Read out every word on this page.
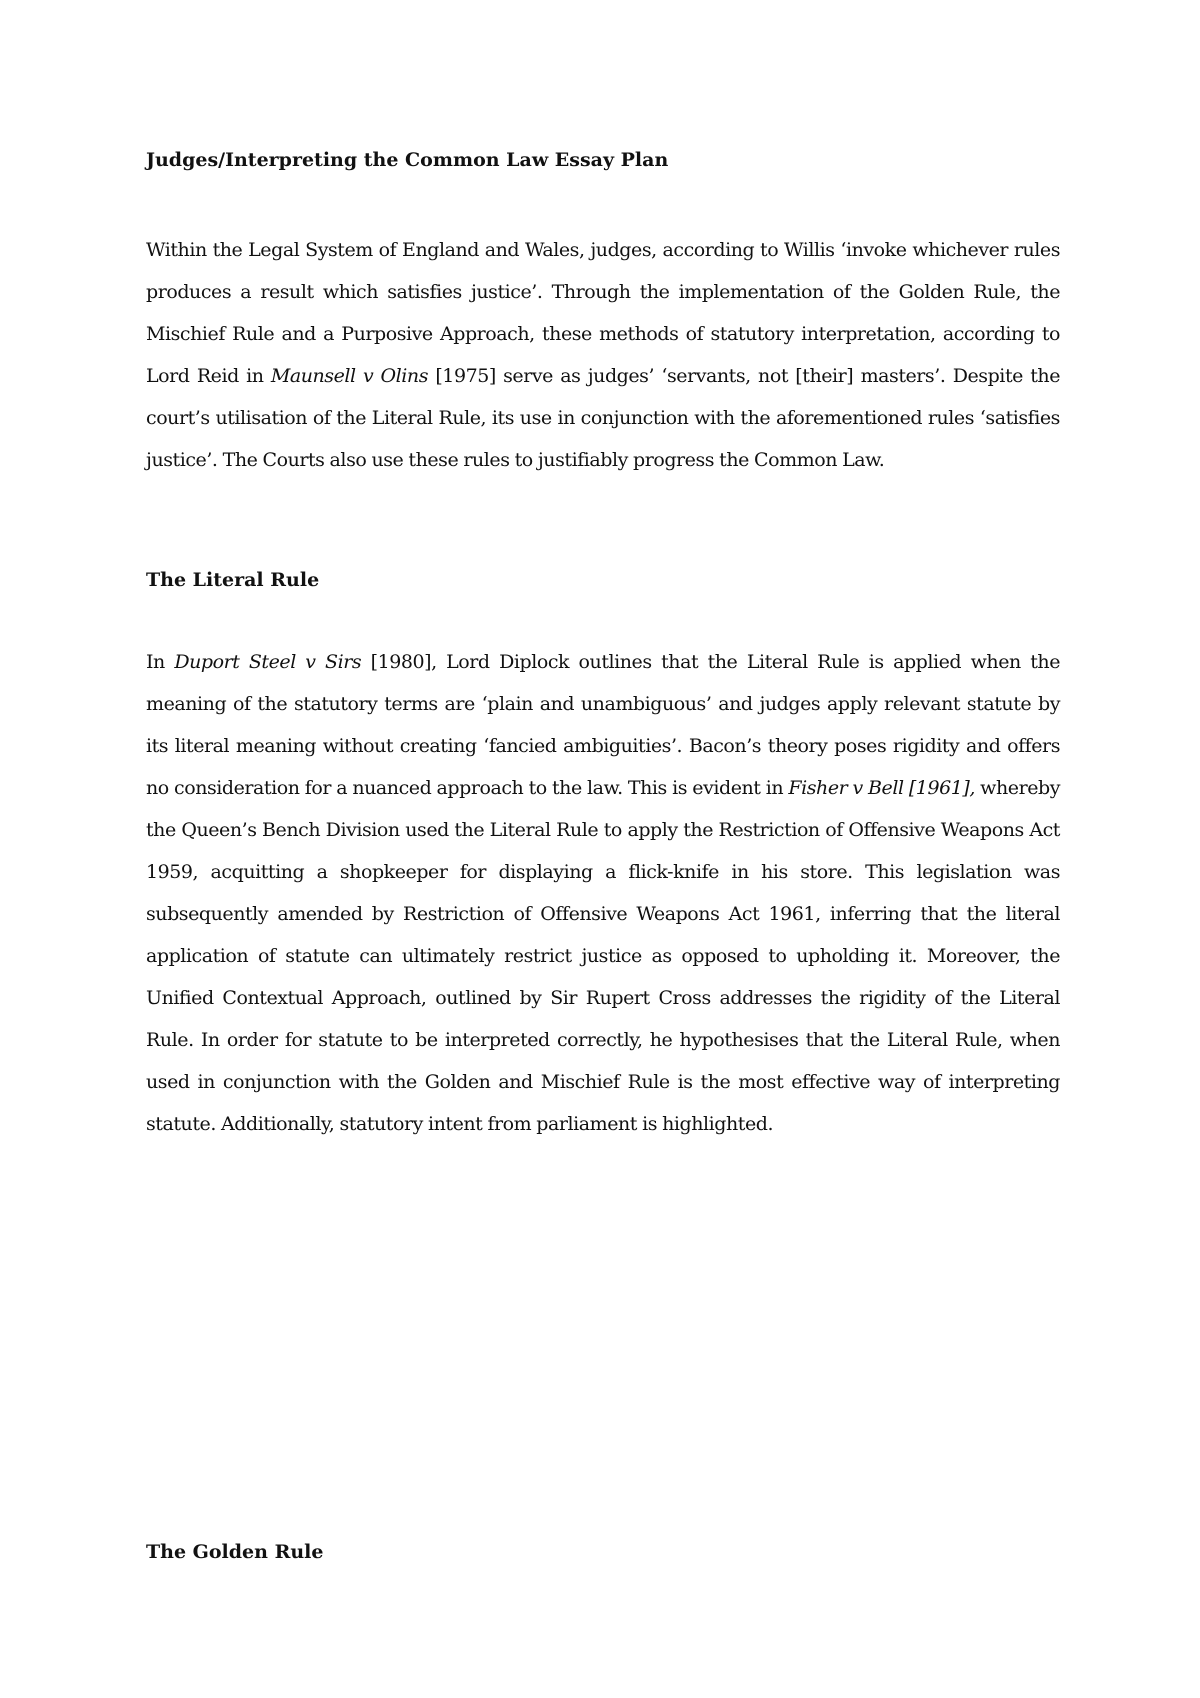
Judges/Interpreting the Common Law Essay Plan

Within the Legal System of England and Wales, judges, according to Willis ‘invoke whichever rules produces a result which satisfies justice’. Through the implementation of the Golden Rule, the Mischief Rule and a Purposive Approach, these methods of statutory interpretation, according to Lord Reid in Maunsell v Olins [1975] serve as judges’ ‘servants, not [their] masters’. Despite the court’s utilisation of the Literal Rule, its use in conjunction with the aforementioned rules ‘satisfies justice’. The Courts also use these rules to justifiably progress the Common Law.

The Literal Rule

In Duport Steel v Sirs [1980], Lord Diplock outlines that the Literal Rule is applied when the meaning of the statutory terms are ‘plain and unambiguous’ and judges apply relevant statute by its literal meaning without creating ‘fancied ambiguities’. Bacon’s theory poses rigidity and offers no consideration for a nuanced approach to the law. This is evident in Fisher v Bell [1961], whereby the Queen’s Bench Division used the Literal Rule to apply the Restriction of Offensive Weapons Act 1959, acquitting a shopkeeper for displaying a flick-knife in his store. This legislation was subsequently amended by Restriction of Offensive Weapons Act 1961, inferring that the literal application of statute can ultimately restrict justice as opposed to upholding it. Moreover, the Unified Contextual Approach, outlined by Sir Rupert Cross addresses the rigidity of the Literal Rule. In order for statute to be interpreted correctly, he hypothesises that the Literal Rule, when used in conjunction with the Golden and Mischief Rule is the most effective way of interpreting statute. Additionally, statutory intent from parliament is highlighted.

The Golden Rule
